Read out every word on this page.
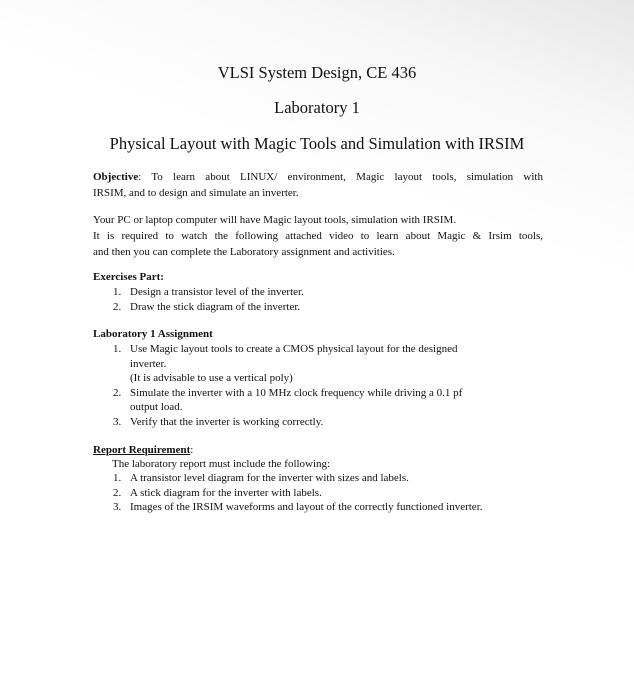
VLSI System Design, CE 436
Laboratory 1
Physical Layout with Magic Tools and Simulation with IRSIM
Objective: To learn about LINUX/ environment, Magic layout tools, simulation with
IRSIM, and to design and simulate an inverter.
Your PC or laptop computer will have Magic layout tools, simulation with IRSIM.
It is required to watch the following attached video to learn about Magic & Irsim tools,
and then you can complete the Laboratory assignment and activities.
Exercises Part:
1. Design a transistor level of the inverter.
2. Draw the stick diagram of the inverter.
Laboratory 1 Assignment
1. Use Magic layout tools to create a CMOS physical layout for the designed
inverter.
(It is advisable to use a vertical poly)
2. Simulate the inverter with a 10 MHz clock frequency while driving a 0.1 pf
output load.
3. Verify that the inverter is working correctly.
Report Requirement:
The laboratory report must include the following:
1. A transistor level diagram for the inverter with sizes and labels.
2. A stick diagram for the inverter with labels.
3. Images of the IRSIM waveforms and layout of the correctly functioned inverter.
